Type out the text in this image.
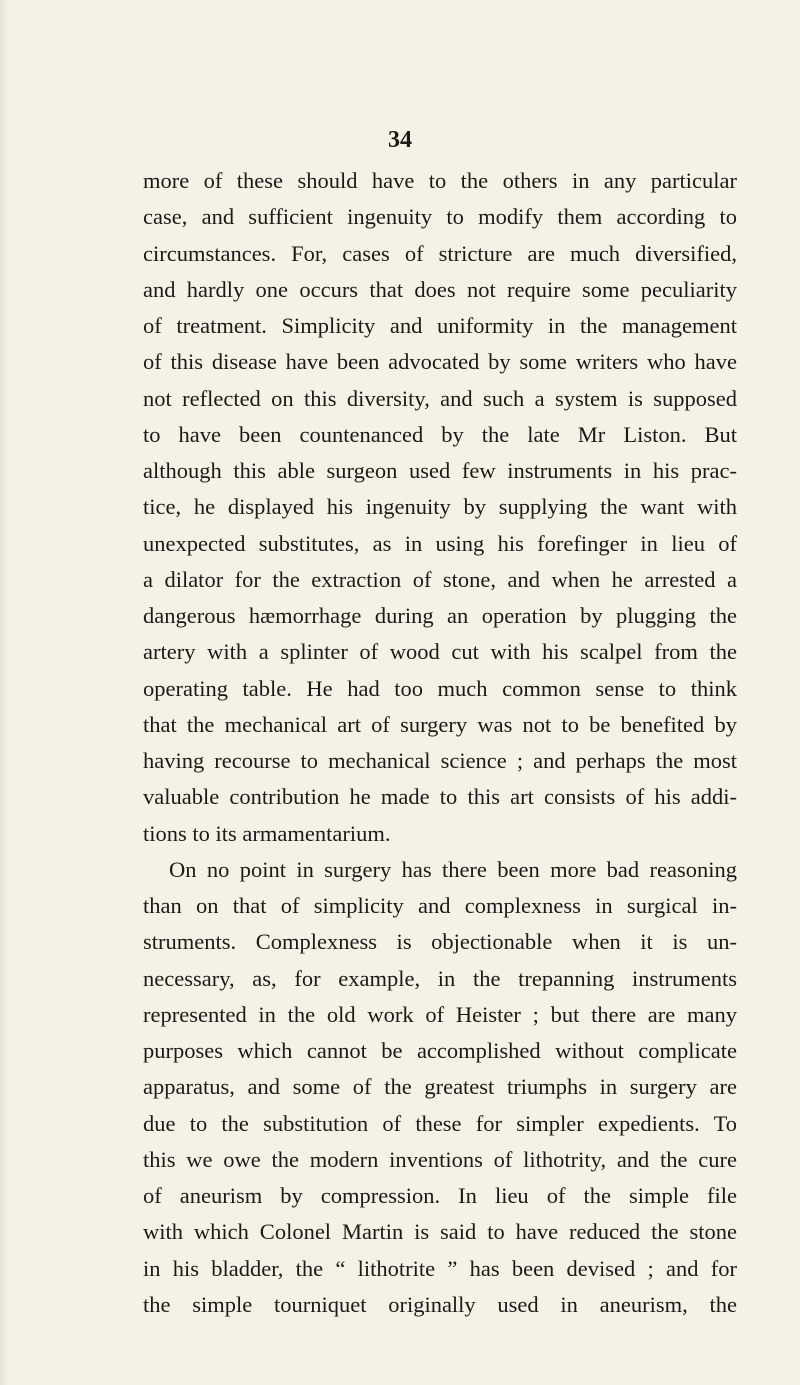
34
more of these should have to the others in any particular
case, and sufficient ingenuity to modify them according to
circumstances. For, cases of stricture are much diversified,
and hardly one occurs that does not require some peculiarity
of treatment. Simplicity and uniformity in the management
of this disease have been advocated by some writers who have
not reflected on this diversity, and such a system is supposed
to have been countenanced by the late Mr Liston. But
although this able surgeon used few instruments in his prac-
tice, he displayed his ingenuity by supplying the want with
unexpected substitutes, as in using his forefinger in lieu of
a dilator for the extraction of stone, and when he arrested a
dangerous hæmorrhage during an operation by plugging the
artery with a splinter of wood cut with his scalpel from the
operating table. He had too much common sense to think
that the mechanical art of surgery was not to be benefited by
having recourse to mechanical science ; and perhaps the most
valuable contribution he made to this art consists of his addi-
tions to its armamentarium.
On no point in surgery has there been more bad reasoning
than on that of simplicity and complexness in surgical in-
struments. Complexness is objectionable when it is un-
necessary, as, for example, in the trepanning instruments
represented in the old work of Heister ; but there are many
purposes which cannot be accomplished without complicate
apparatus, and some of the greatest triumphs in surgery are
due to the substitution of these for simpler expedients. To
this we owe the modern inventions of lithotrity, and the cure
of aneurism by compression. In lieu of the simple file
with which Colonel Martin is said to have reduced the stone
in his bladder, the “ lithotrite ” has been devised ; and for
the simple tourniquet originally used in aneurism, the
